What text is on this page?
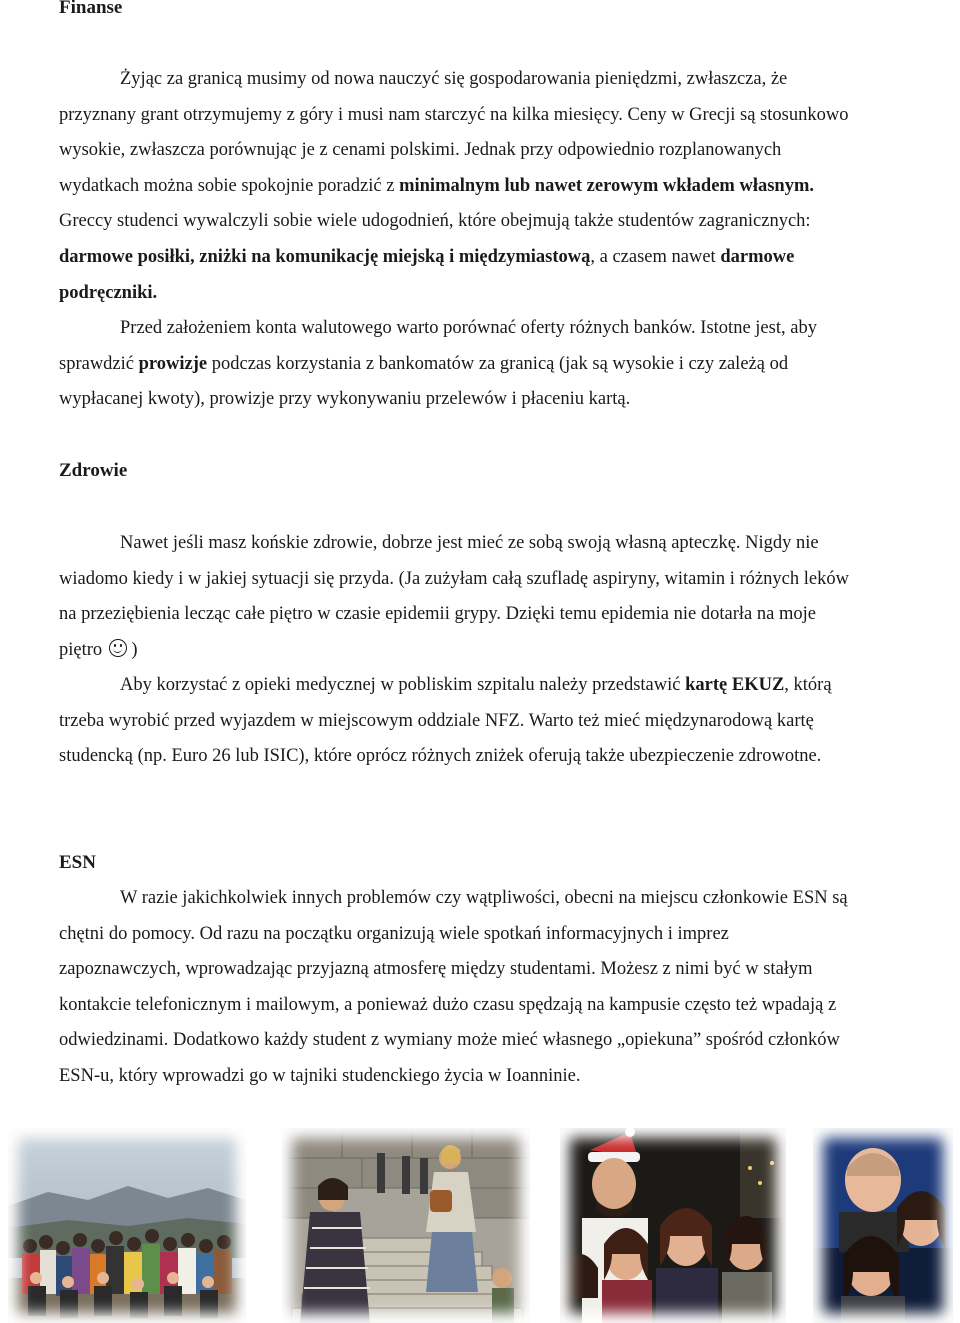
Finanse

Żyjąc za granicą musimy od nowa nauczyć się gospodarowania pieniędzmi, zwłaszcza, że przyznany grant otrzymujemy z góry i musi nam starczyć na kilka miesięcy. Ceny w Grecji są stosunkowo wysokie, zwłaszcza porównując je z cenami polskimi. Jednak przy odpowiednio rozplanowanych wydatkach można sobie spokojnie poradzić z minimalnym lub nawet zerowym wkładem własnym. Greccy studenci wywalczyli sobie wiele udogodnień, które obejmują także studentów zagranicznych: darmowe posiłki, zniżki na komunikację miejską i międzymiastową, a czasem nawet darmowe podręczniki.

Przed założeniem konta walutowego warto porównać oferty różnych banków. Istotne jest, aby sprawdzić prowizje podczas korzystania z bankomatów za granicą (jak są wysokie i czy zależą od wypłacanej kwoty), prowizje przy wykonywaniu przelewów i płaceniu kartą.

Zdrowie

Nawet jeśli masz końskie zdrowie, dobrze jest mieć ze sobą swoją własną apteczkę. Nigdy nie wiadomo kiedy i w jakiej sytuacji się przyda. (Ja zużyłam całą szufladę aspiryny, witamin i różnych leków na przeziębienia lecząc całe piętro w czasie epidemii grypy. Dzięki temu epidemia nie dotarła na moje piętro
)

Aby korzystać z opieki medycznej w pobliskim szpitalu należy przedstawić kartę EKUZ, którą trzeba wyrobić przed wyjazdem w miejscowym oddziale NFZ. Warto też mieć międzynarodową kartę studencką (np. Euro 26 lub ISIC), które oprócz różnych zniżek oferują także ubezpieczenie zdrowotne.

ESN

W razie jakichkolwiek innych problemów czy wątpliwości, obecni na miejscu członkowie ESN są chętni do pomocy. Od razu na początku organizują wiele spotkań informacyjnych i imprez zapoznawczych, wprowadzając przyjazną atmosferę między studentami. Możesz z nimi być w stałym kontakcie telefonicznym i mailowym, a ponieważ dużo czasu spędzają na kampusie często też wpadają z odwiedzinami. Dodatkowo każdy student z wymiany może mieć własnego „opiekuna” spośród członków ESN-u, który wprowadzi go w tajniki studenckiego życia w Ioanninie.
